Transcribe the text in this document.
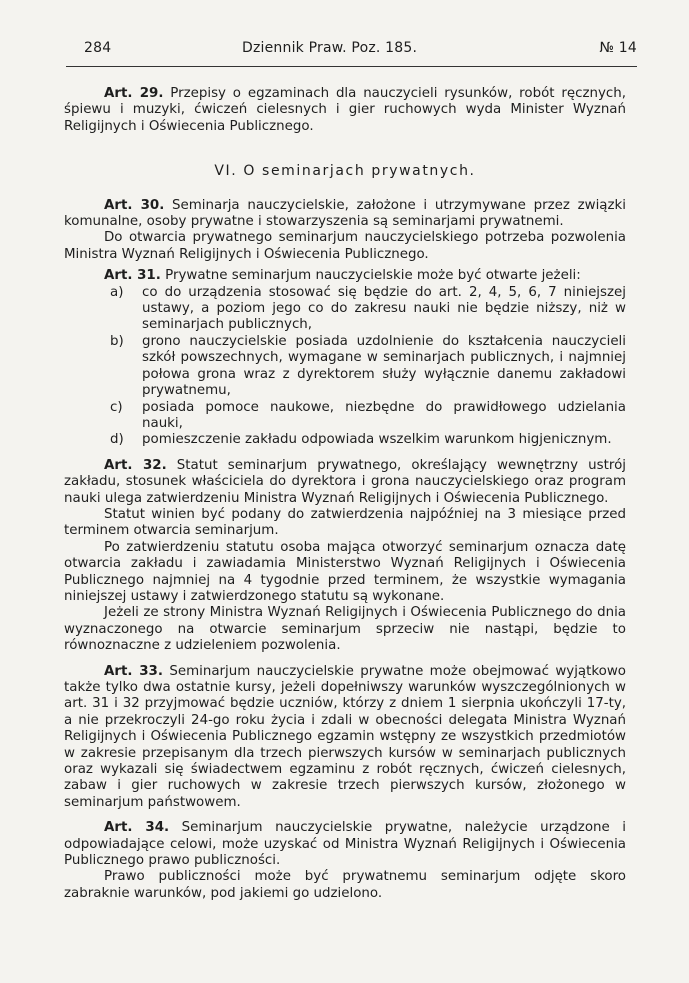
284	Dziennik Praw. Poz. 185.	№ 14

Art. 29. Przepisy o egzaminach dla nauczycieli rysunków, robót ręcznych, śpiewu i muzyki, ćwiczeń cielesnych i gier ruchowych wyda Minister Wyznań Religijnych i Oświecenia Publicznego.

VI. O seminarjach prywatnych.

Art. 30. Seminarja nauczycielskie, założone i utrzymywane przez związki komunalne, osoby prywatne i stowarzyszenia są seminarjami prywatnemi.

Do otwarcia prywatnego seminarjum nauczycielskiego potrzeba pozwolenia Ministra Wyznań Religijnych i Oświecenia Publicznego.

Art. 31. Prywatne seminarjum nauczycielskie może być otwarte jeżeli:

a) co do urządzenia stosować się będzie do art. 2, 4, 5, 6, 7 niniejszej ustawy, a poziom jego co do zakresu nauki nie będzie niższy, niż w seminarjach publicznych,
b) grono nauczycielskie posiada uzdolnienie do kształcenia nauczycieli szkół powszechnych, wymagane w seminarjach publicznych, i najmniej połowa grona wraz z dyrektorem służy wyłącznie danemu zakładowi prywatnemu,
c) posiada pomoce naukowe, niezbędne do prawidłowego udzielania nauki,
d) pomieszczenie zakładu odpowiada wszelkim warunkom higjenicznym.

Art. 32. Statut seminarjum prywatnego, określający wewnętrzny ustrój zakładu, stosunek właściciela do dyrektora i grona nauczycielskiego oraz program nauki ulega zatwierdzeniu Ministra Wyznań Religijnych i Oświecenia Publicznego.

Statut winien być podany do zatwierdzenia najpóźniej na 3 miesiące przed terminem otwarcia seminarjum.

Po zatwierdzeniu statutu osoba mająca otworzyć seminarjum oznacza datę otwarcia zakładu i zawiadamia Ministerstwo Wyznań Religijnych i Oświecenia Publicznego najmniej na 4 tygodnie przed terminem, że wszystkie wymagania niniejszej ustawy i zatwierdzonego statutu są wykonane.

Jeżeli ze strony Ministra Wyznań Religijnych i Oświecenia Publicznego do dnia wyznaczonego na otwarcie seminarjum sprzeciw nie nastąpi, będzie to równoznaczne z udzieleniem pozwolenia.

Art. 33. Seminarjum nauczycielskie prywatne może obejmować wyjątkowo także tylko dwa ostatnie kursy, jeżeli dopełniwszy warunków wyszczególnionych w art. 31 i 32 przyjmować będzie uczniów, którzy z dniem 1 sierpnia ukończyli 17-ty, a nie przekroczyli 24-go roku życia i zdali w obecności delegata Ministra Wyznań Religijnych i Oświecenia Publicznego egzamin wstępny ze wszystkich przedmiotów w zakresie przepisanym dla trzech pierwszych kursów w seminarjach publicznych oraz wykazali się świadectwem egzaminu z robót ręcznych, ćwiczeń cielesnych, zabaw i gier ruchowych w zakresie trzech pierwszych kursów, złożonego w seminarjum państwowem.

Art. 34. Seminarjum nauczycielskie prywatne, należycie urządzone i odpowiadające celowi, może uzyskać od Ministra Wyznań Religijnych i Oświecenia Publicznego prawo publiczności.

Prawo publiczności może być prywatnemu seminarjum odjęte skoro zabraknie warunków, pod jakiemi go udzielono.
